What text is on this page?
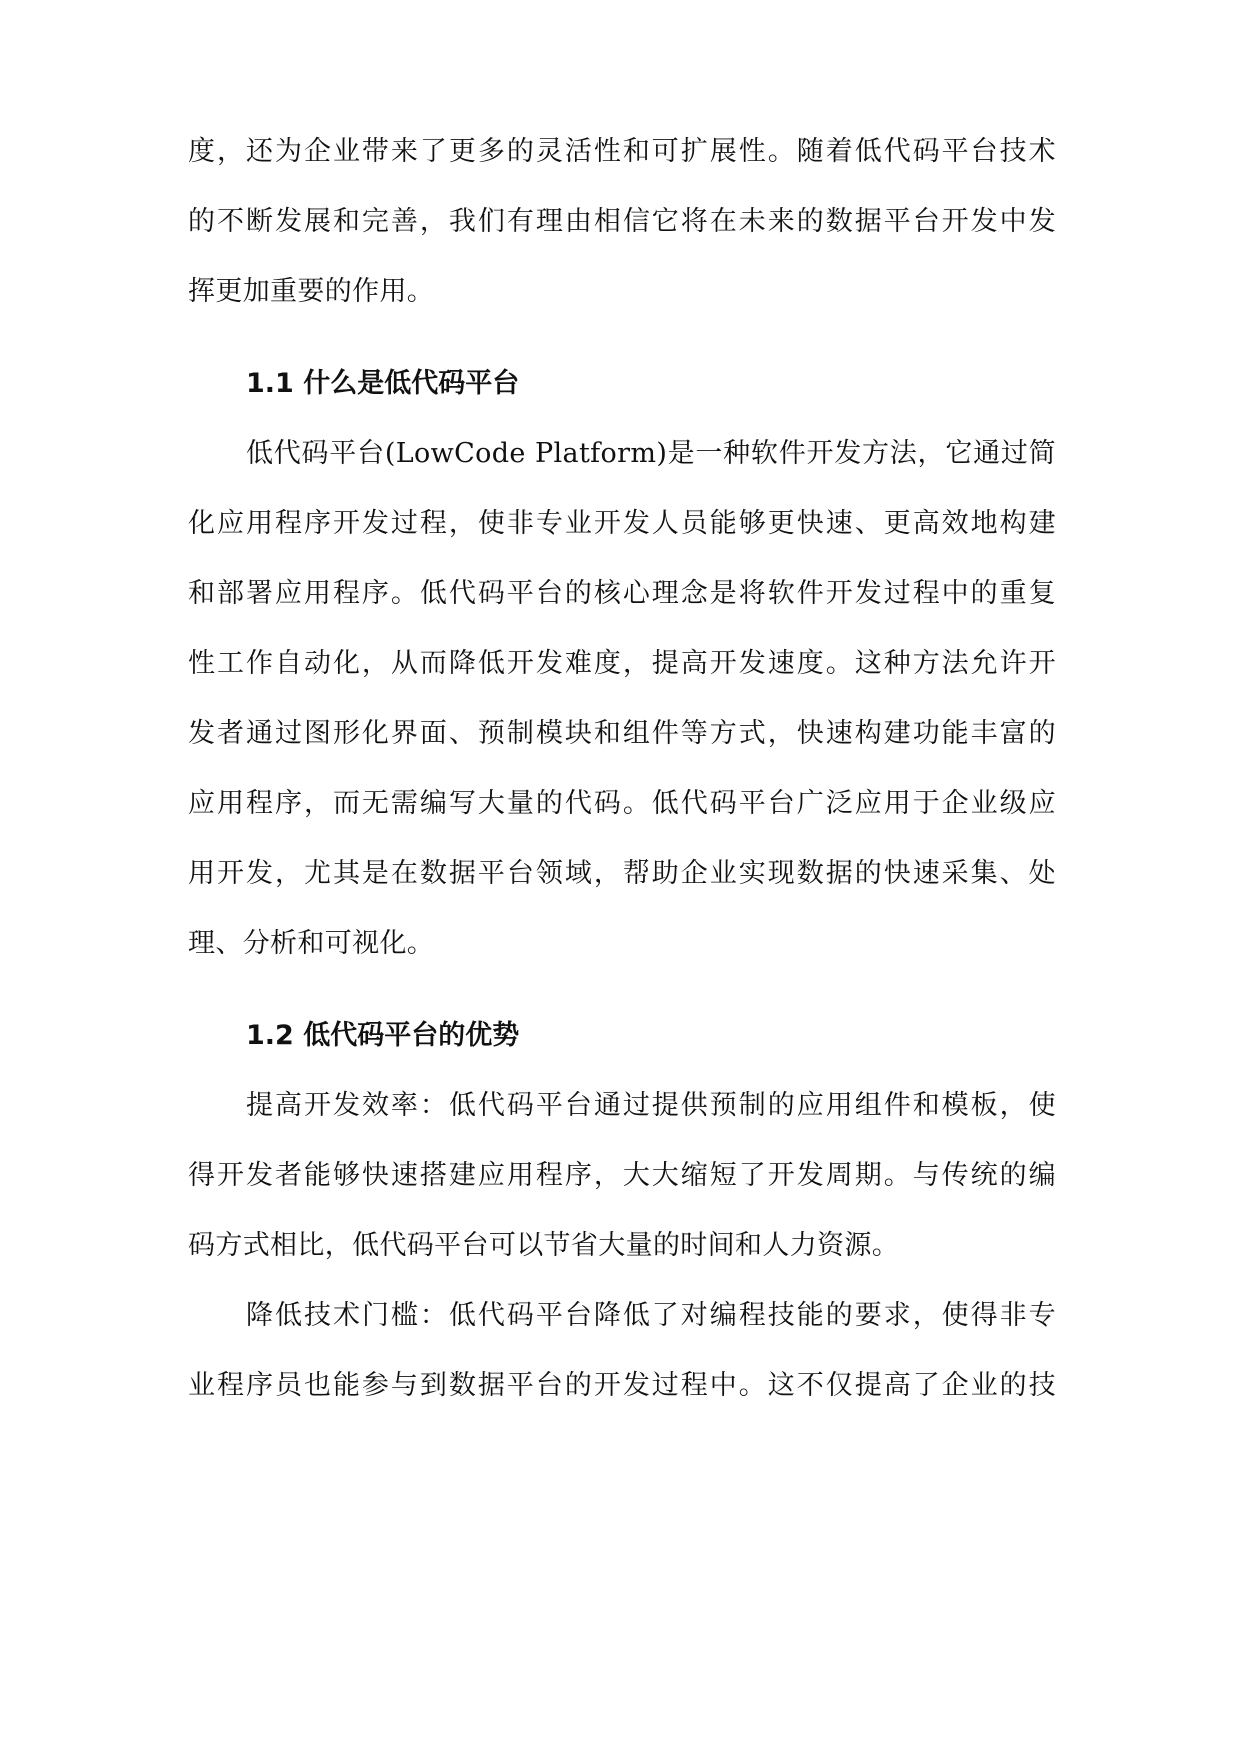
度，还为企业带来了更多的灵活性和可扩展性。随着低代码平台技术
的不断发展和完善，我们有理由相信它将在未来的数据平台开发中发
挥更加重要的作用。
1.1 什么是低代码平台
低代码平台(LowCode Platform)是一种软件开发方法，它通过简
化应用程序开发过程，使非专业开发人员能够更快速、更高效地构建
和部署应用程序。低代码平台的核心理念是将软件开发过程中的重复
性工作自动化，从而降低开发难度，提高开发速度。这种方法允许开
发者通过图形化界面、预制模块和组件等方式，快速构建功能丰富的
应用程序，而无需编写大量的代码。低代码平台广泛应用于企业级应
用开发，尤其是在数据平台领域，帮助企业实现数据的快速采集、处
理、分析和可视化。
1.2 低代码平台的优势
提高开发效率：低代码平台通过提供预制的应用组件和模板，使
得开发者能够快速搭建应用程序，大大缩短了开发周期。与传统的编
码方式相比，低代码平台可以节省大量的时间和人力资源。
降低技术门槛：低代码平台降低了对编程技能的要求，使得非专
业程序员也能参与到数据平台的开发过程中。这不仅提高了企业的技
